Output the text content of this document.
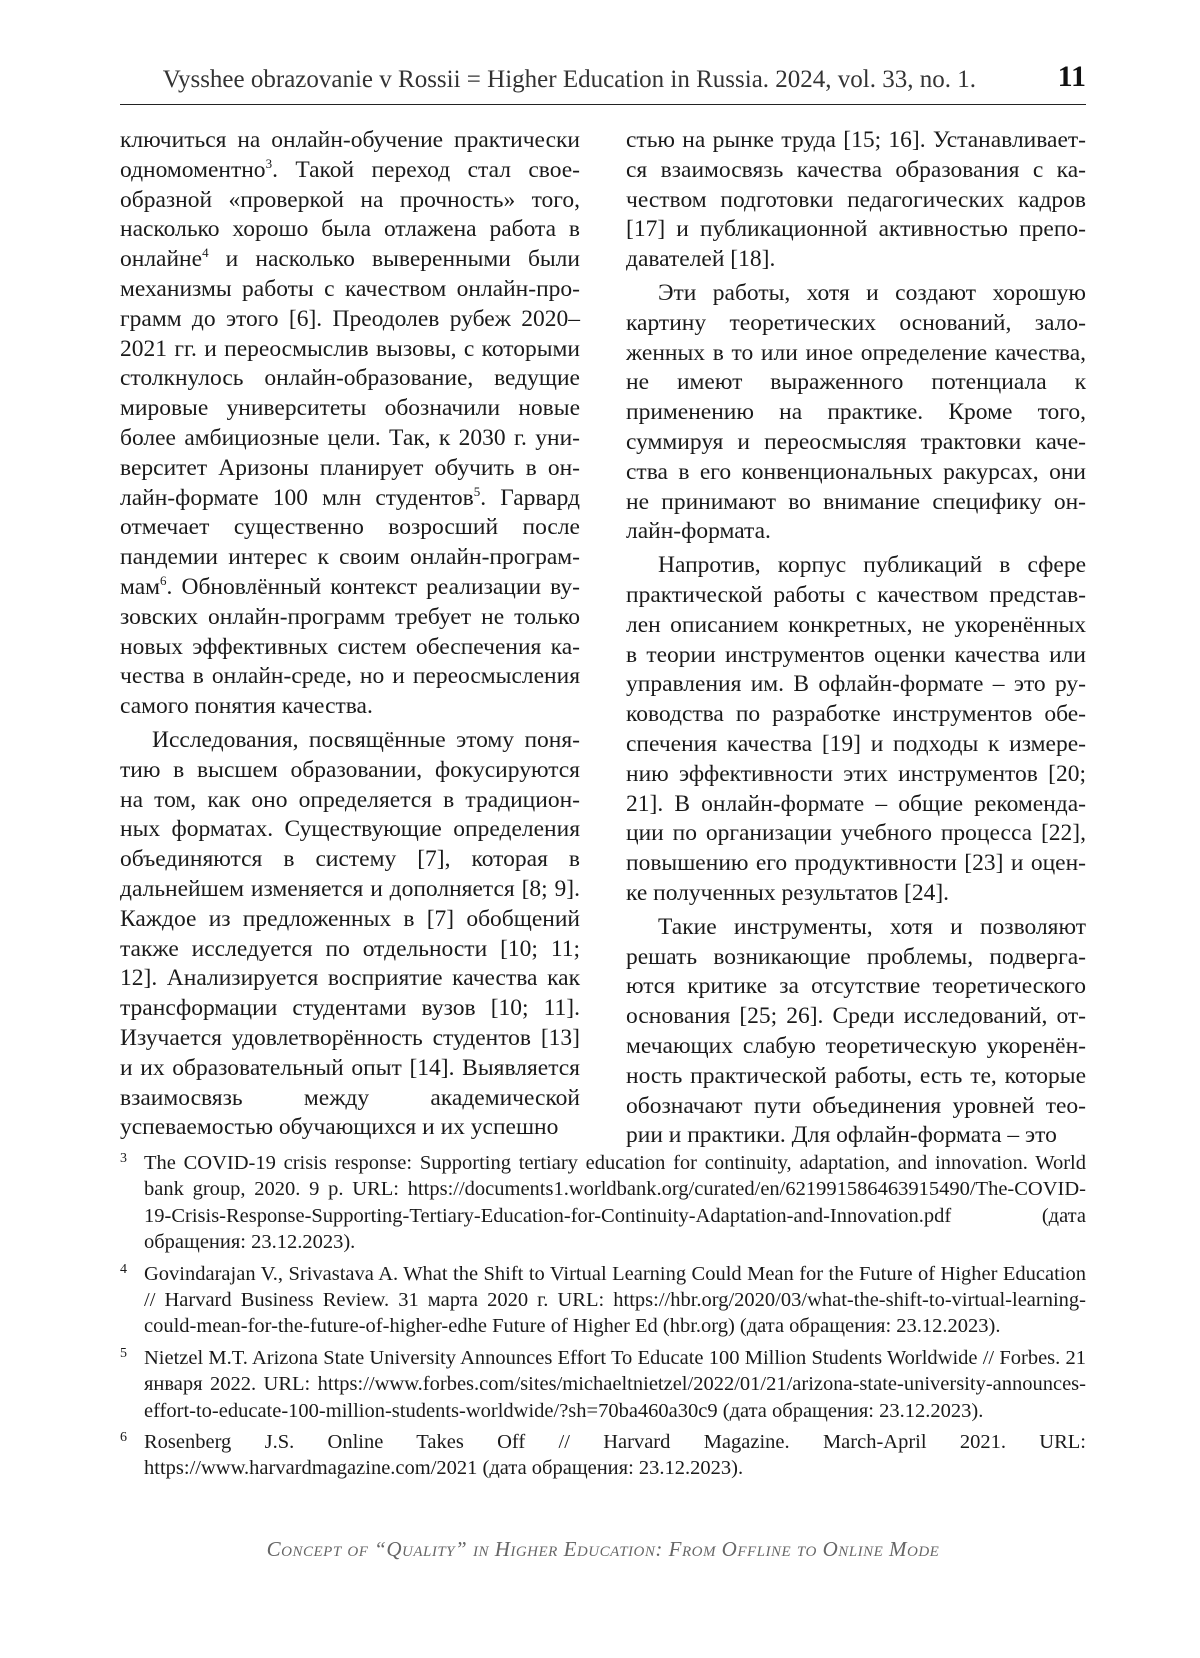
Vysshee obrazovanie v Rossii = Higher Education in Russia. 2024, vol. 33, no. 1.	11

ключиться на онлайн-обучение практически одномоментно$^3$. Такой переход стал своеобразной «проверкой на прочность» того, насколько хорошо была отлажена работа в онлайне$^4$ и насколько выверенными были механизмы работы с качеством онлайн-программ до этого [6]. Преодолев рубеж 2020–2021 гг. и переосмыслив вызовы, с которыми столкнулось онлайн-образование, ведущие мировые университеты обозначили новые более амбициозные цели. Так, к 2030 г. университет Аризоны планирует обучить в онлайн-формате 100 млн студентов$^5$. Гарвард отмечает существенно возросший после пандемии интерес к своим онлайн-программам$^6$. Обновлённый контекст реализации вузовских онлайн-программ требует не только новых эффективных систем обеспечения качества в онлайн-среде, но и переосмысления самого понятия качества.

Исследования, посвящённые этому понятию в высшем образовании, фокусируются на том, как оно определяется в традиционных форматах. Существующие определения объединяются в систему [7], которая в дальнейшем изменяется и дополняется [8; 9]. Каждое из предложенных в [7] обобщений также исследуется по отдельности [10; 11; 12]. Анализируется восприятие качества как трансформации студентами вузов [10; 11]. Изучается удовлетворённость студентов [13] и их образовательный опыт [14]. Выявляется взаимосвязь между академической успеваемостью обучающихся и их успешно

стью на рынке труда [15; 16]. Устанавливается взаимосвязь качества образования с качеством подготовки педагогических кадров [17] и публикационной активностью преподавателей [18].

Эти работы, хотя и создают хорошую картину теоретических оснований, заложенных в то или иное определение качества, не имеют выраженного потенциала к применению на практике. Кроме того, суммируя и переосмысляя трактовки качества в его конвенциональных ракурсах, они не принимают во внимание специфику онлайн-формата.

Напротив, корпус публикаций в сфере практической работы с качеством представлен описанием конкретных, не укоренённых в теории инструментов оценки качества или управления им. В офлайн-формате – это руководства по разработке инструментов обеспечения качества [19] и подходы к измерению эффективности этих инструментов [20; 21]. В онлайн-формате – общие рекомендации по организации учебного процесса [22], повышению его продуктивности [23] и оценке полученных результатов [24].

Такие инструменты, хотя и позволяют решать возникающие проблемы, подвергаются критике за отсутствие теоретического основания [25; 26]. Среди исследований, отмечающих слабую теоретическую укоренённость практической работы, есть те, которые обозначают пути объединения уровней теории и практики. Для офлайн-формата – это

3 The COVID-19 crisis response: Supporting tertiary education for continuity, adaptation, and innovation. World bank group, 2020. 9 p. URL: https://documents1.worldbank.org/curated/en/621991586463915490/The-COVID-19-Crisis-Response-Supporting-Tertiary-Education-for-Continuity-Adaptation-and-Innovation.pdf (дата обращения: 23.12.2023).
4 Govindarajan V., Srivastava A. What the Shift to Virtual Learning Could Mean for the Future of Higher Education // Harvard Business Review. 31 марта 2020 г. URL: https://hbr.org/2020/03/what-the-shift-to-virtual-learning-could-mean-for-the-future-of-higher-edhe Future of Higher Ed (hbr.org) (дата обращения: 23.12.2023).
5 Nietzel M.T. Arizona State University Announces Effort To Educate 100 Million Students Worldwide // Forbes. 21 января 2022. URL: https://www.forbes.com/sites/michaeltnietzel/2022/01/21/arizona-state-university-announces-effort-to-educate-100-million-students-worldwide/?sh=70ba460a30c9 (дата обращения: 23.12.2023).
6 Rosenberg J.S. Online Takes Off // Harvard Magazine. March-April 2021. URL: https://www.harvardmagazine.com/2021 (дата обращения: 23.12.2023).
Concept of “Quality” in Higher Education: From Offline to Online Mode
